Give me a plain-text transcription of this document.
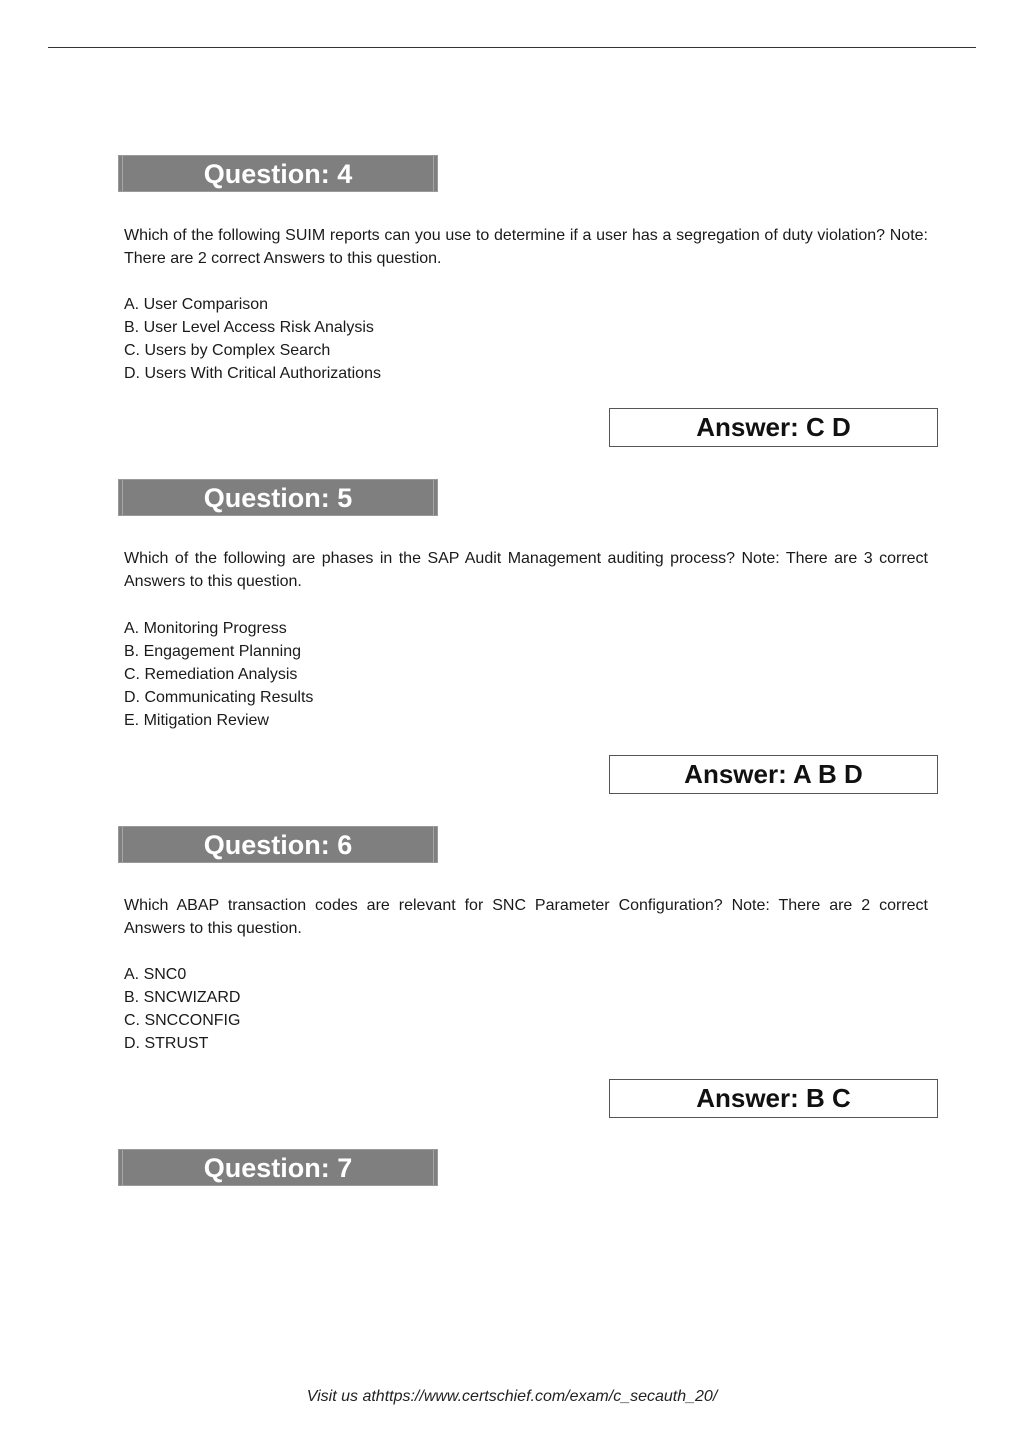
Question: 4

Which of the following SUIM reports can you use to determine if a user has a segregation of duty violation? Note: There are 2 correct Answers to this question.

A. User Comparison
B. User Level Access Risk Analysis
C. Users by Complex Search
D. Users With Critical Authorizations
Answer: C D
Question: 5

Which of the following are phases in the SAP Audit Management auditing process? Note: There are 3 correct Answers to this question.

A. Monitoring Progress
B. Engagement Planning
C. Remediation Analysis
D. Communicating Results
E. Mitigation Review
Answer: A B D
Question: 6

Which ABAP transaction codes are relevant for SNC Parameter Configuration? Note: There are 2 correct Answers to this question.

A. SNC0
B. SNCWIZARD
C. SNCCONFIG
D. STRUST
Answer: B C
Question: 7
Visit us athttps://www.certschief.com/exam/c_secauth_20/
